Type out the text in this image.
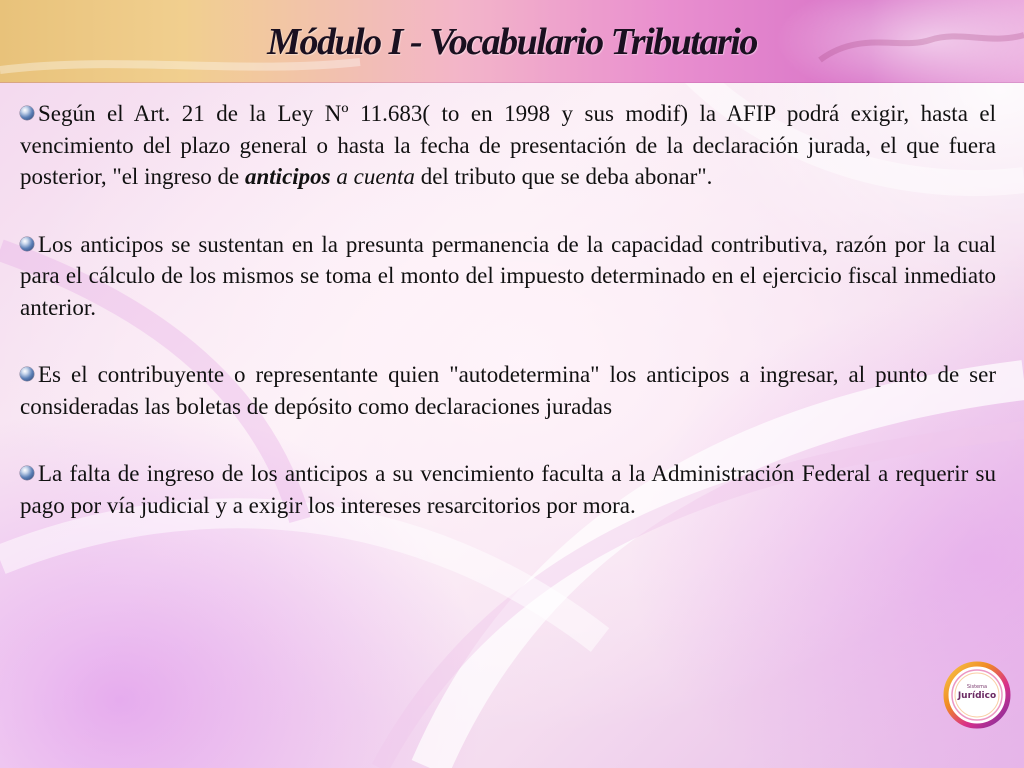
Módulo I - Vocabulario Tributario

Según el Art. 21 de la Ley Nº 11.683( to en 1998 y sus modif) la AFIP podrá exigir, hasta el vencimiento del plazo general o hasta la fecha de presentación de la declaración jurada, el que fuera posterior, "el ingreso de anticipos a cuenta del tributo que se deba abonar".

Los anticipos se sustentan en la presunta permanencia de la capacidad contributiva, razón por la cual para el cálculo de los mismos se toma el monto del impuesto determinado en el ejercicio fiscal inmediato anterior.

Es el contribuyente o representante quien "autodetermina" los anticipos a ingresar, al punto de ser consideradas las boletas de depósito como declaraciones juradas

La falta de ingreso de los anticipos a su vencimiento faculta a la Administración Federal a requerir su pago por vía judicial y a exigir los intereses resarcitorios por mora.

Sistema
Jurídico
